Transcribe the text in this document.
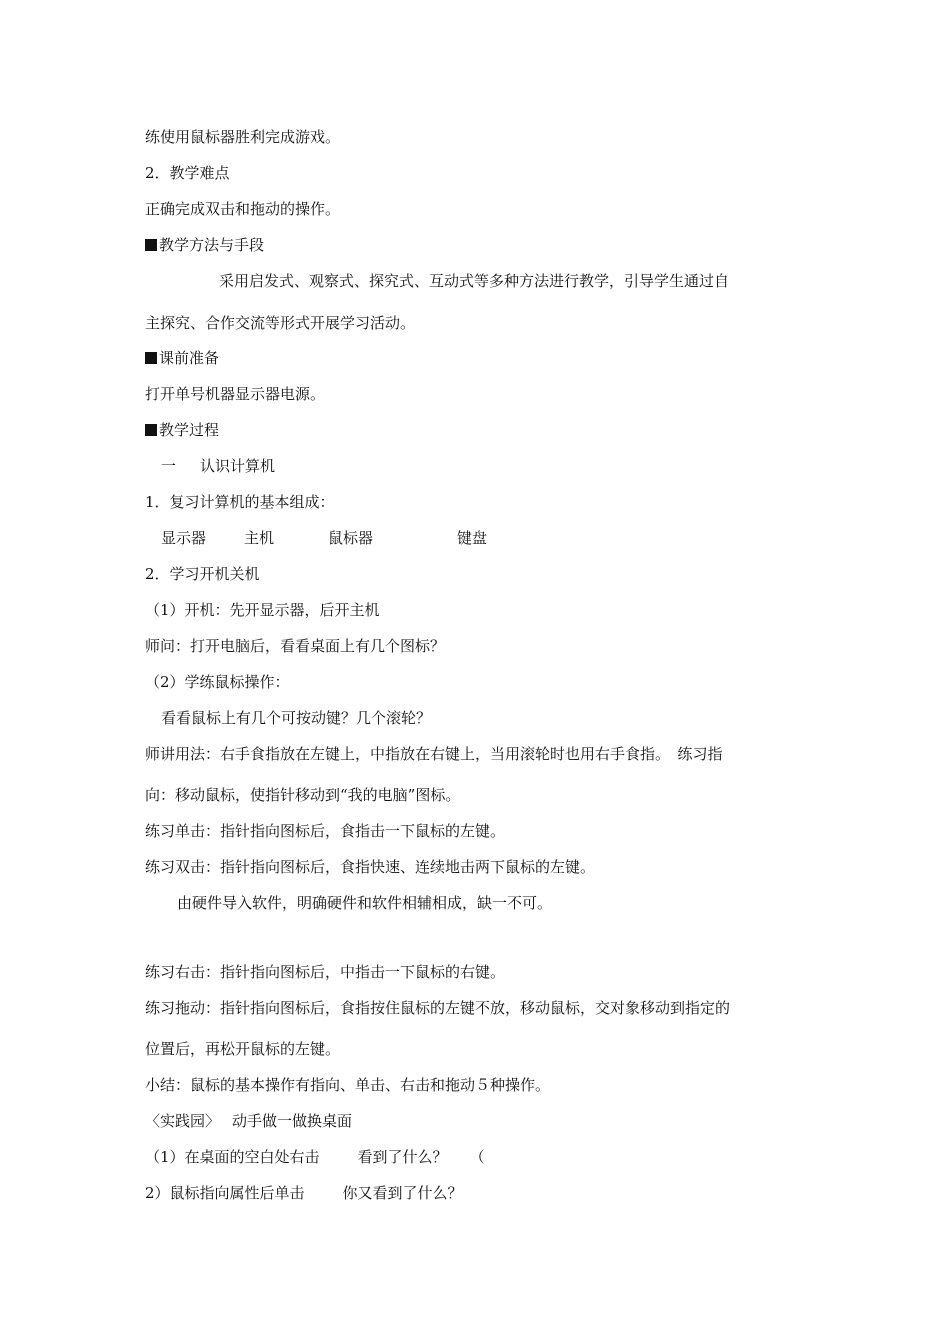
练使用鼠标器胜利完成游戏。
2．教学难点
正确完成双击和拖动的操作。
教学方法与手段
采用启发式、观察式、探究式、互动式等多种方法进行教学，引导学生通过自
主探究、合作交流等形式开展学习活动。
课前准备
打开单号机器显示器电源。
教学过程
一 认识计算机
1．复习计算机的基本组成：
显示器	主机	鼠标器	键盘
2．学习开机关机
（1）开机：先开显示器，后开主机
师问：打开电脑后，看看桌面上有几个图标？
（2）学练鼠标操作：
看看鼠标上有几个可按动键？几个滚轮？
师讲用法：右手食指放在左键上，中指放在右键上，当用滚轮时也用右手食指。　练习指
向：移动鼠标，使指针移动到“我的电脑”图标。
练习单击：指针指向图标后，食指击一下鼠标的左键。
练习双击：指针指向图标后，食指快速、连续地击两下鼠标的左键。
由硬件导入软件，明确硬件和软件相辅相成，缺一不可。
练习右击：指针指向图标后，中指击一下鼠标的右键。
练习拖动：指针指向图标后，食指按住鼠标的左键不放，移动鼠标，交对象移动到指定的
位置后，再松开鼠标的左键。
小结：鼠标的基本操作有指向、单击、右击和拖动５种操作。
〈实践园〉 动手做一做换桌面
（1）在桌面的空白处右击	看到了什么？ （
2）鼠标指向属性后单击	你又看到了什么？
